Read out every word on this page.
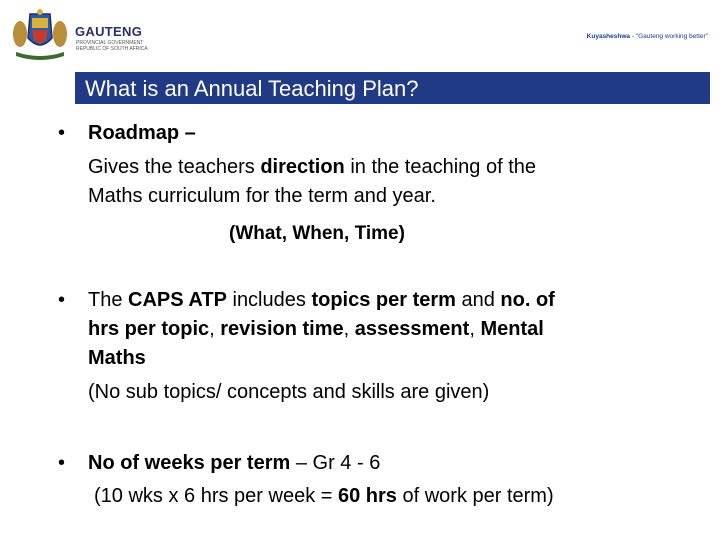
GAUTENG
PROVINCIAL GOVERNMENT
REPUBLIC OF SOUTH AFRICA
Kuyasheshwa - "Gauteng working better"
What is an Annual Teaching Plan?
• Roadmap –
Gives the teachers direction in the teaching of the
Maths curriculum for the term and year.
(What, When, Time)
• The CAPS ATP includes topics per term and no. of
hrs per topic, revision time, assessment, Mental
Maths
(No sub topics/ concepts and skills are given)
• No of weeks per term – Gr 4 - 6
(10 wks x 6 hrs per week = 60 hrs of work per term)
